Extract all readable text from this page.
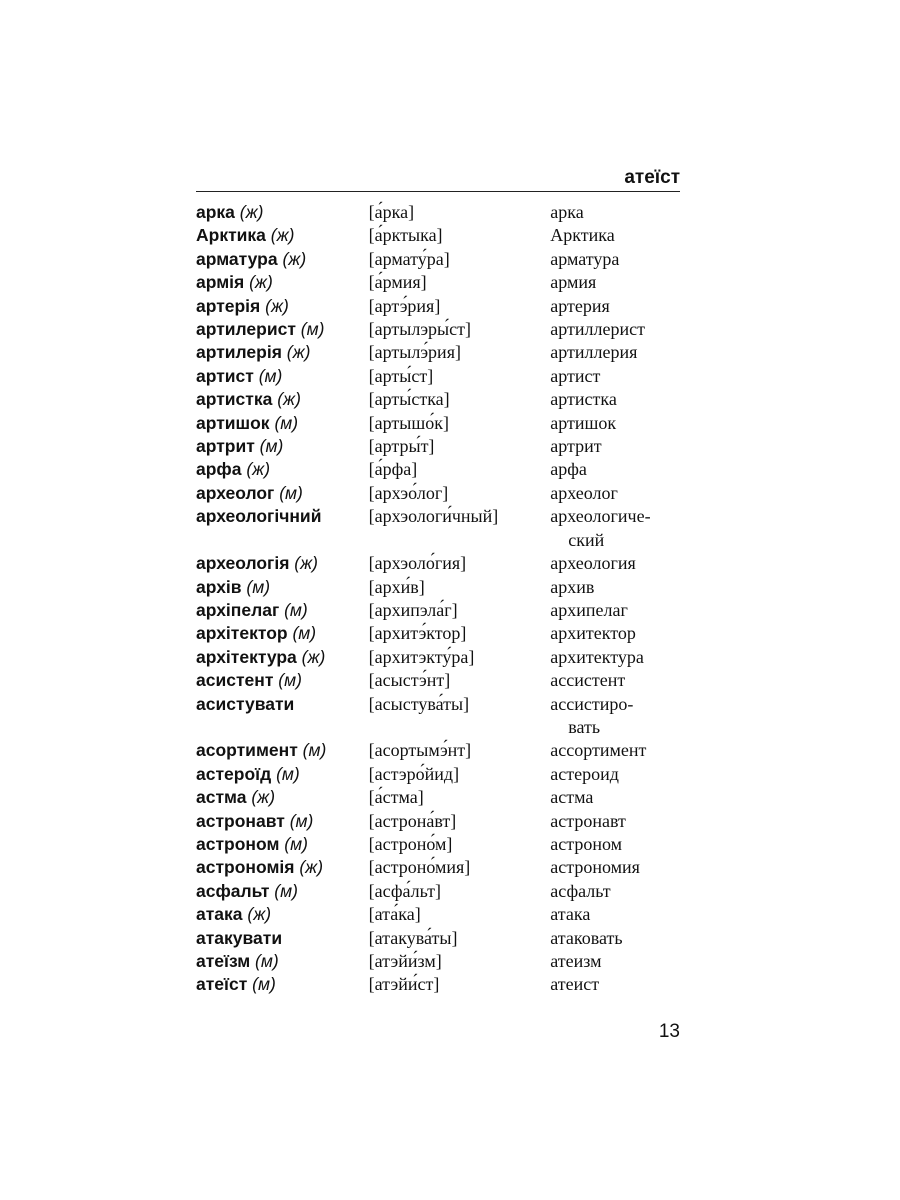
атеїст
арка (ж)	[а́рка]	арка
Арктика (ж)	[а́рктыка]	Арктика
арматура (ж)	[армату́ра]	арматура
армія (ж)	[а́рмия]	армия
артерія (ж)	[артэ́рия]	артерия
артилерист (м)	[артылэры́ст]	артиллерист
артилерія (ж)	[артылэ́рия]	артиллерия
артист (м)	[арты́ст]	артист
артистка (ж)	[арты́стка]	артистка
артишок (м)	[артышо́к]	артишок
артрит (м)	[артры́т]	артрит
арфа (ж)	[а́рфа]	арфа
археолог (м)	[архэо́лог]	археолог
археологічний	[архэологи́чный]	археологиче-
ский
археологія (ж)	[архэоло́гия]	археология
архів (м)	[архи́в]	архив
архіпелаг (м)	[архипэла́г]	архипелаг
архітектор (м)	[архитэ́ктор]	архитектор
архітектура (ж)	[архитэкту́ра]	архитектура
асистент (м)	[асыстэ́нт]	ассистент
асистувати	[асыстува́ты]	ассистиро-
вать
асортимент (м)	[асортымэ́нт]	ассортимент
астероїд (м)	[астэро́йид]	астероид
астма (ж)	[а́стма]	астма
астронавт (м)	[астрона́вт]	астронавт
астроном (м)	[астроно́м]	астроном
астрономія (ж)	[астроно́мия]	астрономия
асфальт (м)	[асфа́льт]	асфальт
атака (ж)	[ата́ка]	атака
атакувати	[атакува́ты]	атаковать
атеїзм (м)	[атэйи́зм]	атеизм
атеїст (м)	[атэйи́ст]	атеист
13
